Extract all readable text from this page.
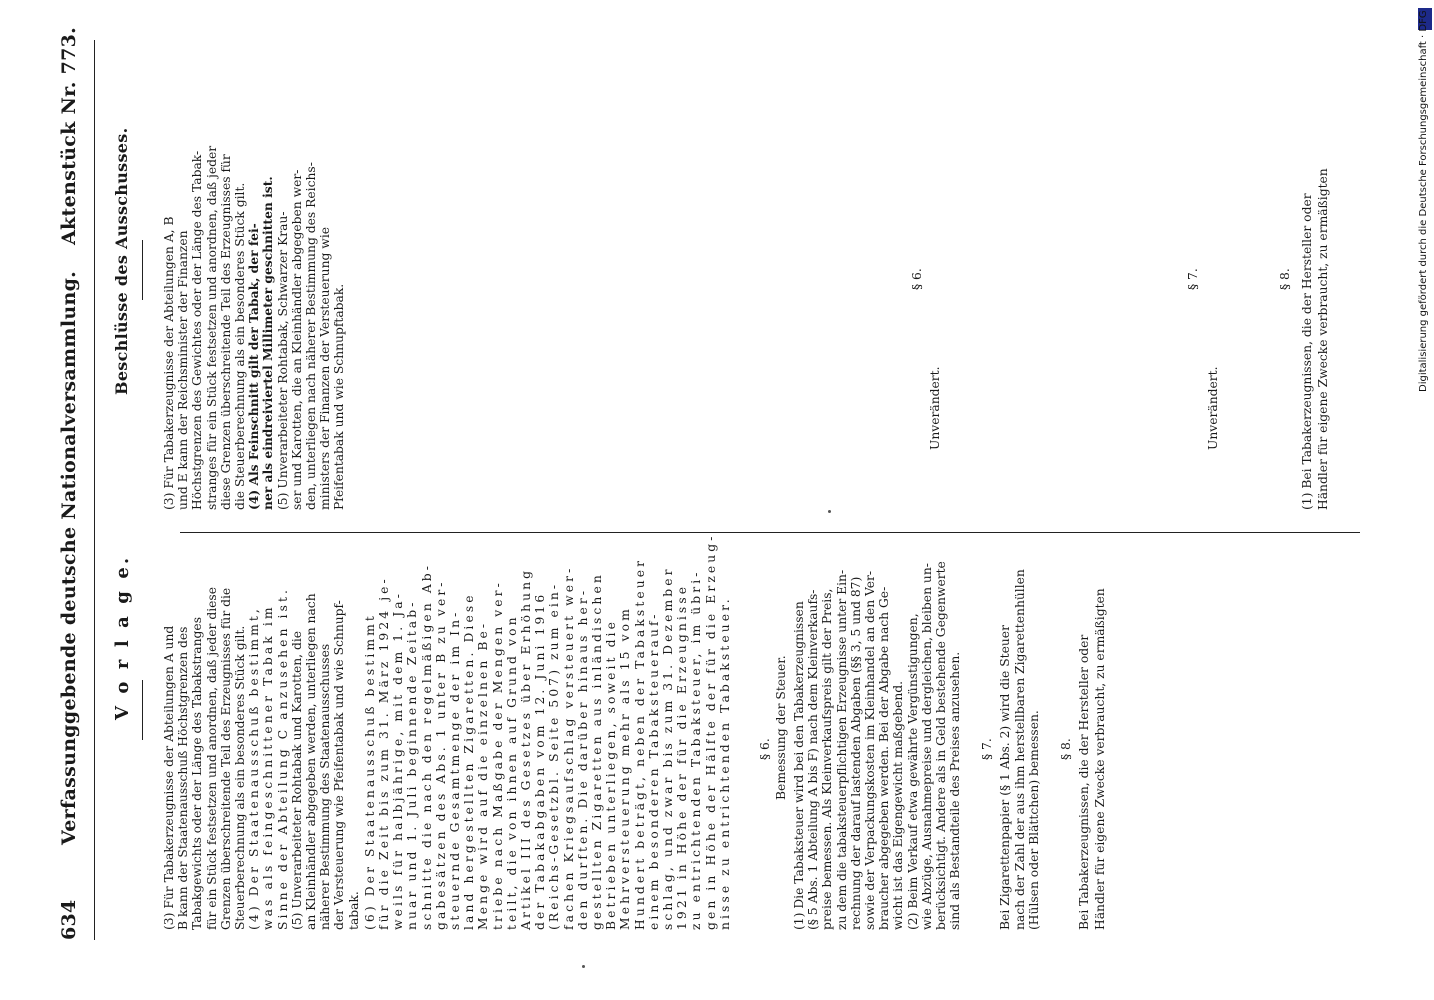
634
Verfassunggebende deutsche Nationalversammlung.
Aktenstück Nr. 773.
V o r l a g e. (3) Für Tabakerzeugnisse der Abteilungen A und B kann der Staatenausschuß Höchstgrenzen des Tabakgewichts oder der Länge des Tabakstranges für ein Stück festsetzen und anordnen, daß jeder diese Grenzen überschreitende Teil des Erzeugnisses für die Steuerberechnung als ein besonderes Stück gilt. (4) Der Staatenausschuß bestimmt, was als feingeschnittener Tabak im Sinne der Abteilung C anzusehen ist. (5) Unverarbeiteter Rohtabak und Karotten, die an Kleinhändler abgegeben werden, unterliegen nach näherer Bestimmung des Staatenausschusses der Versteuerung wie Pfeifentabak und wie Schnupf- tabak. (6) Der Staatenausschuß bestimmt für die Zeit bis zum 31. März 1924 je- weils für halbjährige, mit dem 1. Ja- nuar und 1. Juli beginnende Zeitab- schnitte die nach den regelmäßigen Ab- gabesätzen des Abs. 1 unter B zu ver- steuernde Gesamtmenge der im In- land hergestellten Zigaretten. Diese Menge wird auf die einzelnen Be- triebe nach Maßgabe der Mengen ver- teilt, die von ihnen auf Grund von Artikel III des Gesetzes über Erhöhung der Tabakabgaben vom 12. Juni 1916 (Reichs-Gesetzbl. Seite 507) zum ein- fachen Kriegsaufschlag versteuert wer- den durften. Die darüber hinaus her- gestellten Zigaretten aus inländischen Betrieben unterliegen, soweit die Mehrversteuerung mehr als 15 vom Hundert beträgt, neben der Tabaksteuer einem besonderen Tabaksteuerauf- schlag, und zwar bis zum 31. Dezember 1921 in Höhe der für die Erzeugnisse zu entrichtenden Tabaksteuer, im übri- gen in Höhe der Hälfte der für die Erzeug- nisse zu entrichtenden Tabaksteuer. § 6. Bemessung der Steuer. (1) Die Tabaksteuer wird bei den Tabakerzeugnissen (§ 5 Abs. 1 Abteilung A bis F) nach dem Kleinverkaufs- preise bemessen. Als Kleinverkaufspreis gilt der Preis, zu dem die tabaksteuerpflichtigen Erzeugnisse unter Ein- rechnung der darauf lastenden Abgaben (§§ 3, 5 und 87) sowie der Verpackungskosten im Kleinhandel an den Ver- braucher abgegeben werden. Bei der Abgabe nach Ge- wicht ist das Eigengewicht maßgebend. (2) Beim Verkauf etwa gewährte Vergünstigungen, wie Abzüge, Ausnahmepreise und dergleichen, bleiben un- berücksichtigt. Andere als in Geld bestehende Gegenwerte sind als Bestandteile des Preises anzusehen. § 7. Bei Zigarettenpapier (§ 1 Abs. 2) wird die Steuer nach der Zahl der aus ihm herstellbaren Zigarettenhüllen (Hülsen oder Blättchen) bemessen. § 8. Bei Tabakerzeugnissen, die der Hersteller oder Händler für eigene Zwecke verbraucht, zu ermäßigten
Beschlüsse des Ausschusses.	(3) Für Tabakerzeugnisse der Abteilungen A, B und E kann der Reichsminister der Finanzen Höchstgrenzen des Gewichtes oder der Länge des Tabak- stranges für ein Stück festsetzen und anordnen, daß jeder diese Grenzen überschreitende Teil des Erzeugnisses für die Steuerberechnung als ein besonderes Stück gilt. (4) Als Feinschnitt gilt der Tabak, der fei- ner als eindreiviertel Millimeter geschnitten ist. (5) Unverarbeiteter Rohtabak, Schwarzer Krau- ser und Karotten, die an Kleinhändler abgegeben wer- den, unterliegen nach näherer Bestimmung des Reichs- ministers der Finanzen der Versteuerung wie Pfeifentabak und wie Schnupftabak.
§ 6.
Unverändert.
§ 7.
Unverändert.
§ 8. (1) Bei Tabakerzeugnissen, die der Hersteller oder Händler für eigene Zwecke verbraucht, zu ermäßigten	Digitalisierung gefördert durch die Deutsche Forschungsgemeinschaft · DFG
